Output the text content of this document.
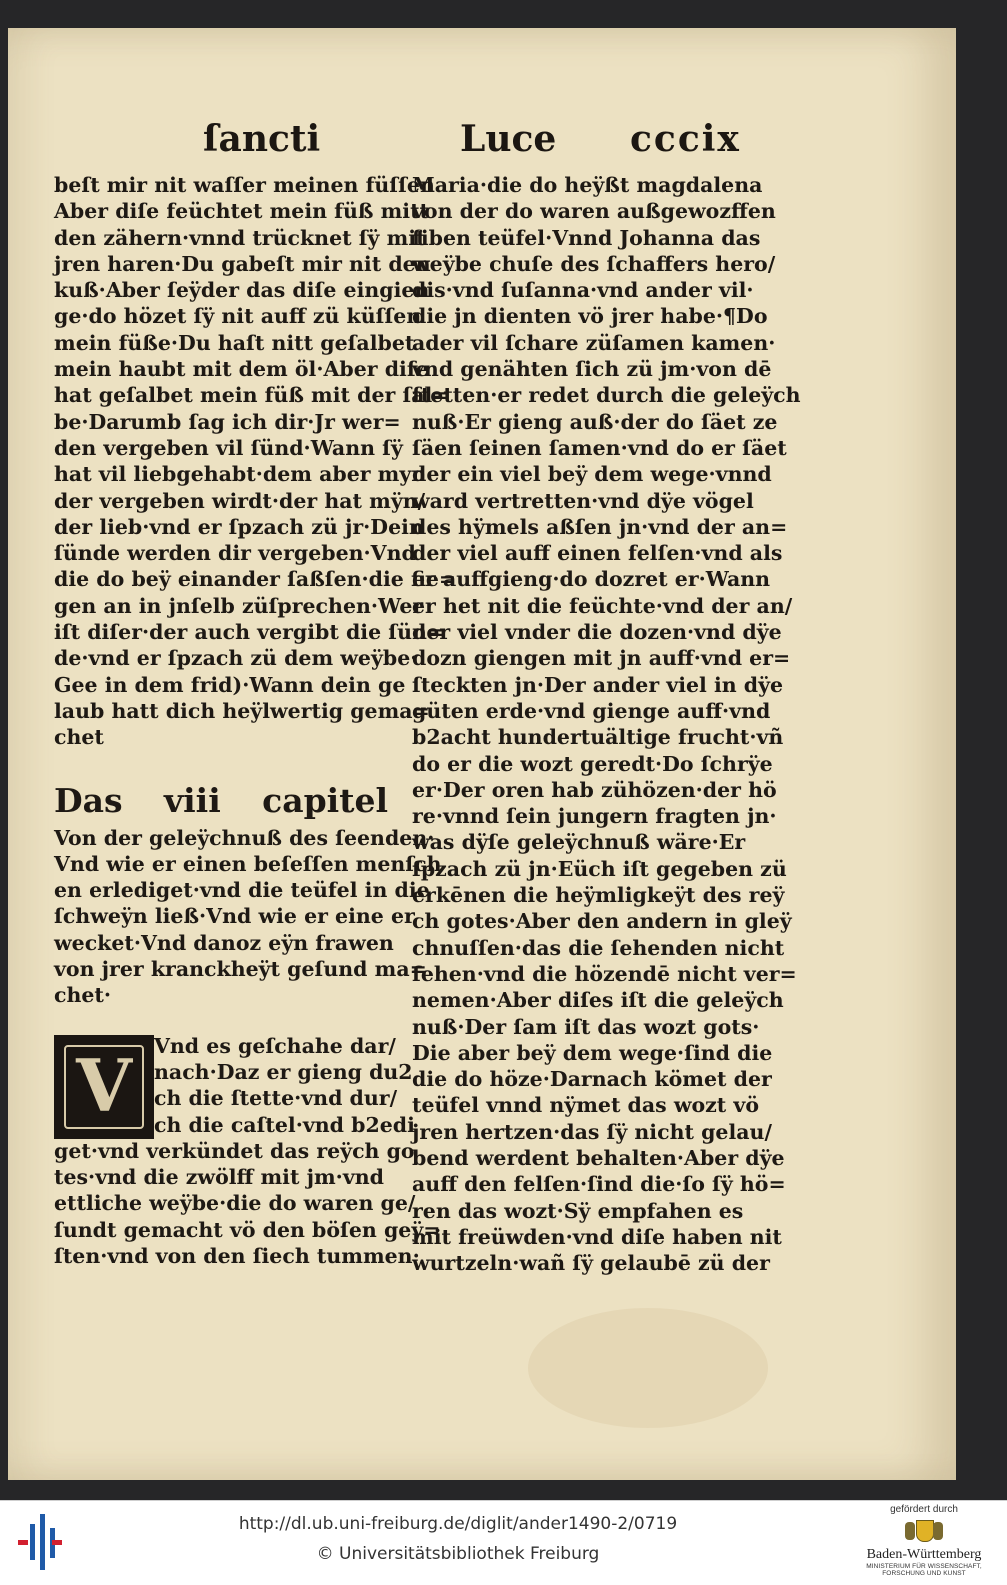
ſancti	Luce cccix
beſt mir nit waſſer meinen füſſen
Aber diſe feüchtet mein füß mitt
den zähern·vnnd trücknet ſÿ mit
jren haren·Du gabeſt mir nit den
kuß·Aber ſeÿder das diſe eingien
ge·do hözet ſÿ nit auff zü küſſen
mein füße·Du haſt nitt geſalbet
mein haubt mit dem öl·Aber diſe
hat geſalbet mein füß mit der ſal=
be·Darumb ſag ich dir·Jr wer=
den vergeben vil ſünd·Wann ſÿ
hat vil liebgehabt·dem aber myn
der vergeben wirdt·der hat mÿn/
der lieb·vnd er ſpzach zü jr·Dein
ſünde werden dir vergeben·Vnd
die do beÿ einander ſaßſen·die fie=
gen an in jnſelb züſprechen·Wer
iſt diſer·der auch vergibt die ſün=
de·vnd er ſpzach zü dem weÿbe·
Gee in dem frid)·Wann dein ge
laub hatt dich heÿlwertig gema=
chet
Das viii capitel
Von der geleÿchnuß des ſeenden·
Vnd wie er einen beſeſſen menſch
en erlediget·vnd die teüfel in die
ſchweÿn ließ·Vnd wie er eine er
wecket·Vnd danoz eÿn frawen
von jrer kranckheÿt geſund ma=
chet·
V	Vnd es geſchahe dar/
nach·Daz er gieng du2
ch die ſtette·vnd dur/
ch die caſtel·vnd b2edi
get·vnd verkündet das reÿch go
tes·vnd die zwölff mit jm·vnd
ettliche weÿbe·die do waren ge/
ſundt gemacht vö den böſen geÿ=
ſten·vnd von den ſiech tummen·
Maria·die do heÿßt magdalena
von der do waren außgewozffen
ſiben teüfel·Vnnd Johanna das
weÿbe chuſe des ſchaffers hero/
dis·vnd ſuſanna·vnd ander vil·
die jn dienten vö jrer habe·¶Do
ader vil ſchare züſamen kamen·
vnd genähten ſich zü jm·von dē
ſtetten·er redet durch die geleÿch
nuß·Er gieng auß·der do ſäet ze
ſäen ſeinen ſamen·vnd do er ſäet
der ein viel beÿ dem wege·vnnd
ward vertretten·vnd dÿe vögel
des hÿmels aßſen jn·vnd der an=
der viel auff einen felſen·vnd als
er auffgieng·do dozret er·Wann
er het nit die feüchte·vnd der an/
der viel vnder die dozen·vnd dÿe
dozn giengen mit jn auff·vnd er=
ſteckten jn·Der ander viel in dÿe
güten erde·vnd gienge auff·vnd
b2acht hundertuältige frucht·vñ
do er die wozt geredt·Do ſchrÿe
er·Der oren hab zühözen·der hö
re·vnnd ſein jungern fragten jn·
was dÿſe geleÿchnuß wäre·Er
ſpzach zü jn·Eüch iſt gegeben zü
erkēnen die heÿmligkeÿt des reÿ
ch gotes·Aber den andern in gleÿ
chnuſſen·das die ſehenden nicht
ſehen·vnd die hözendē nicht ver=
nemen·Aber diſes iſt die geleÿch
nuß·Der ſam iſt das wozt gots·
Die aber beÿ dem wege·ſind die
die do höze·Darnach kömet der
teüfel vnnd nÿmet das wozt vö
jren hertzen·das ſÿ nicht gelau/
bend werdent behalten·Aber dÿe
auff den felſen·ſind die·ſo ſÿ hö=
ren das wozt·Sÿ empfahen es
mit freüwden·vnd diſe haben nit
wurtzeln·wañ ſÿ gelaubē zü der
http://dl.ub.uni-freiburg.de/diglit/ander1490-2/0719
© Universitätsbibliothek Freiburg
gefördert durch
Baden-Württemberg
MINISTERIUM FÜR WISSENSCHAFT, FORSCHUNG UND KUNST
